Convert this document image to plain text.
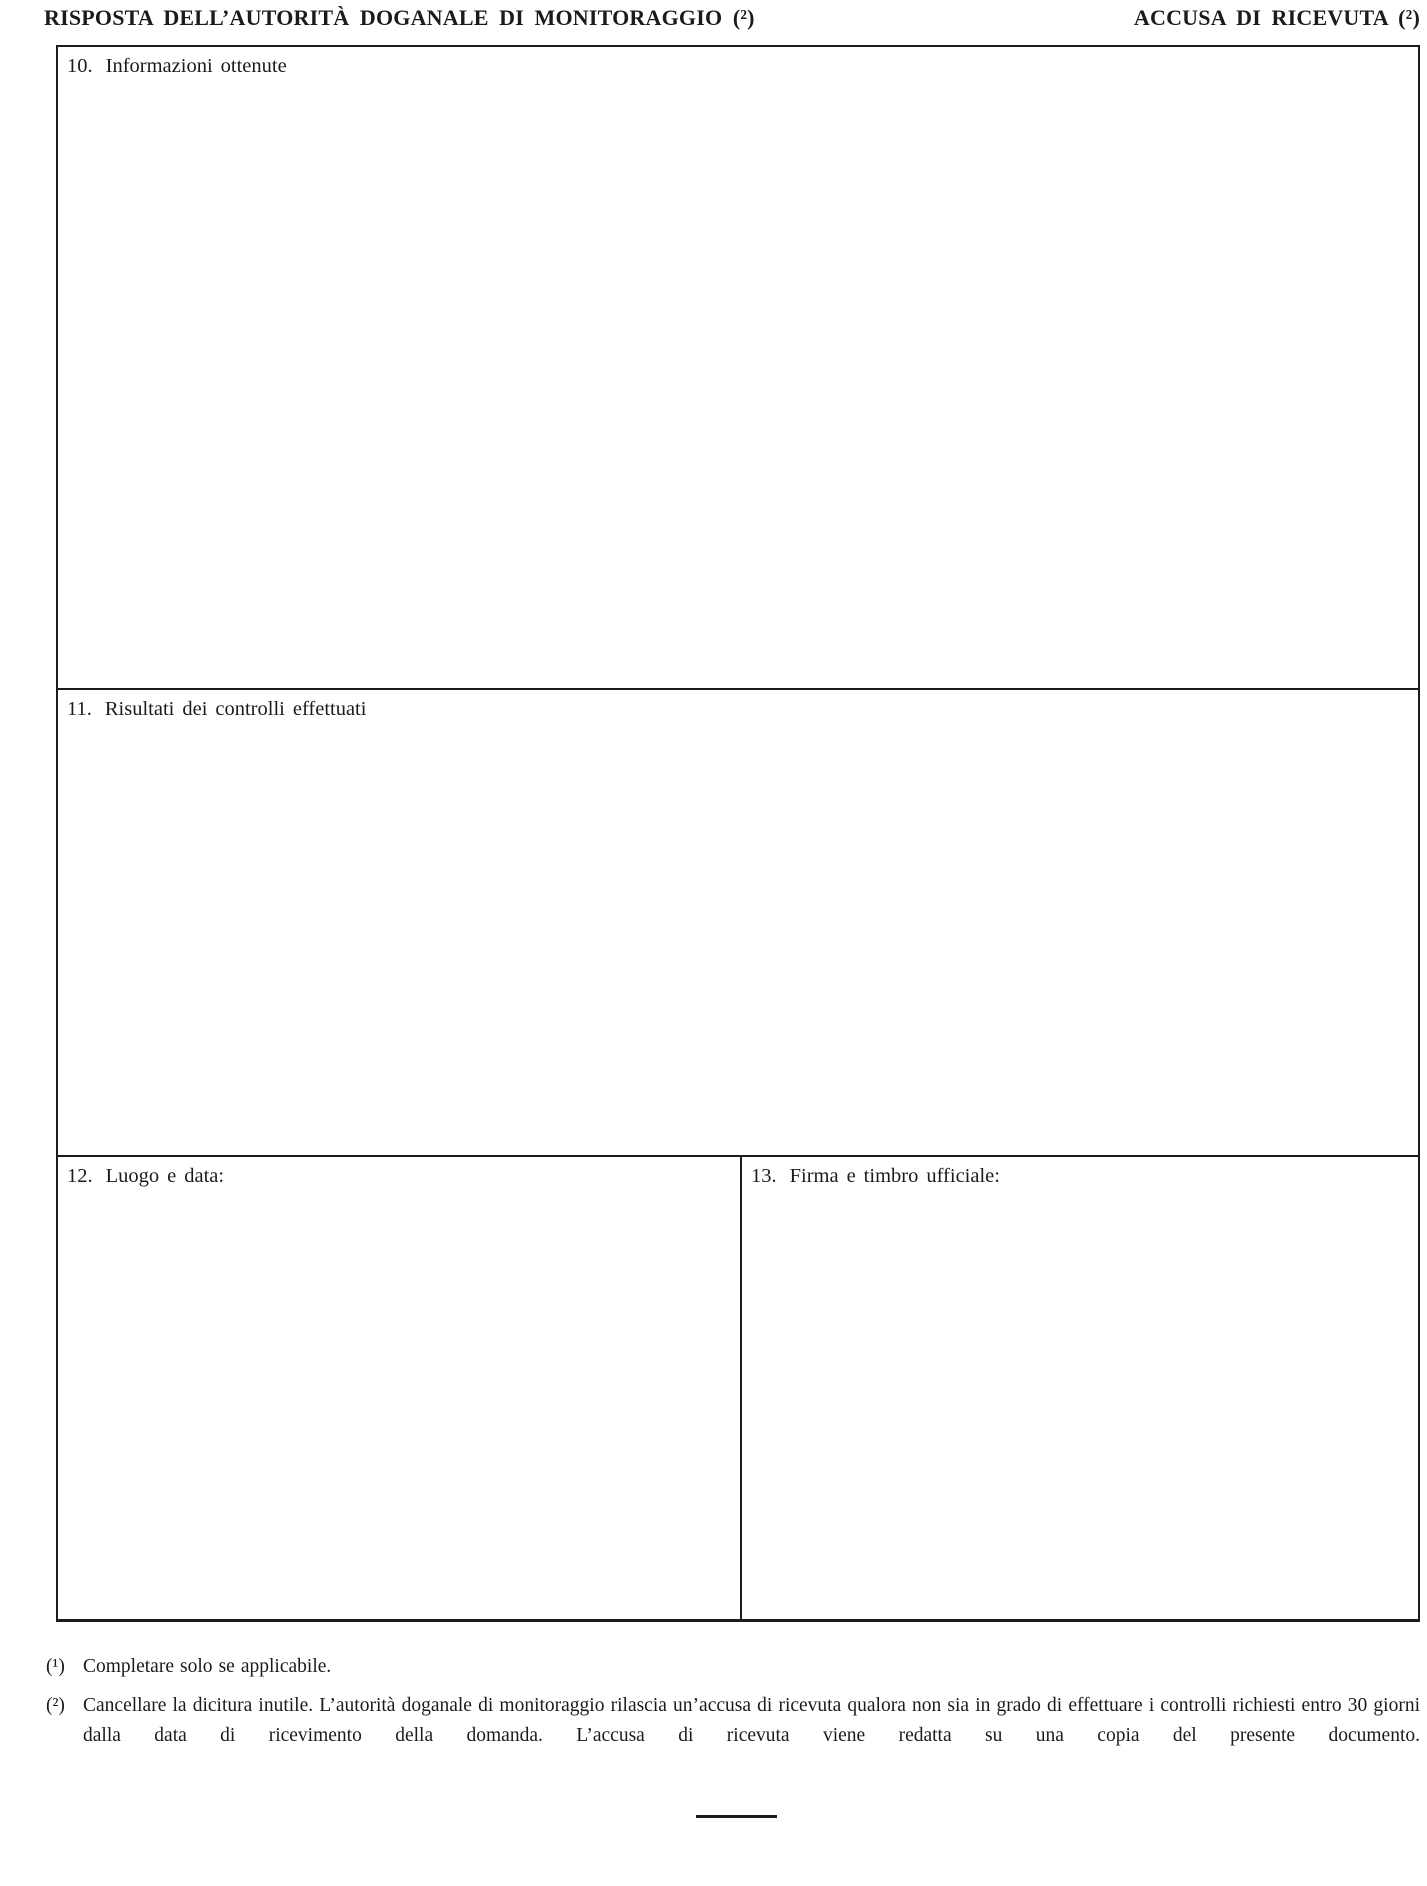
RISPOSTA DELL’AUTORITÀ DOGANALE DI MONITORAGGIO (²)	ACCUSA DI RICEVUTA (²)
10. Informazioni ottenute
11. Risultati dei controlli effettuati
12. Luogo e data:	13. Firma e timbro ufficiale:
(¹) Completare solo se applicabile.
(²) Cancellare la dicitura inutile. L’autorità doganale di monitoraggio rilascia un’accusa di ricevuta qualora non sia in grado di effettuare i controlli richiesti entro 30 giorni dalla data di ricevimento della domanda. L’accusa di ricevuta viene redatta su una copia del presente documento.
